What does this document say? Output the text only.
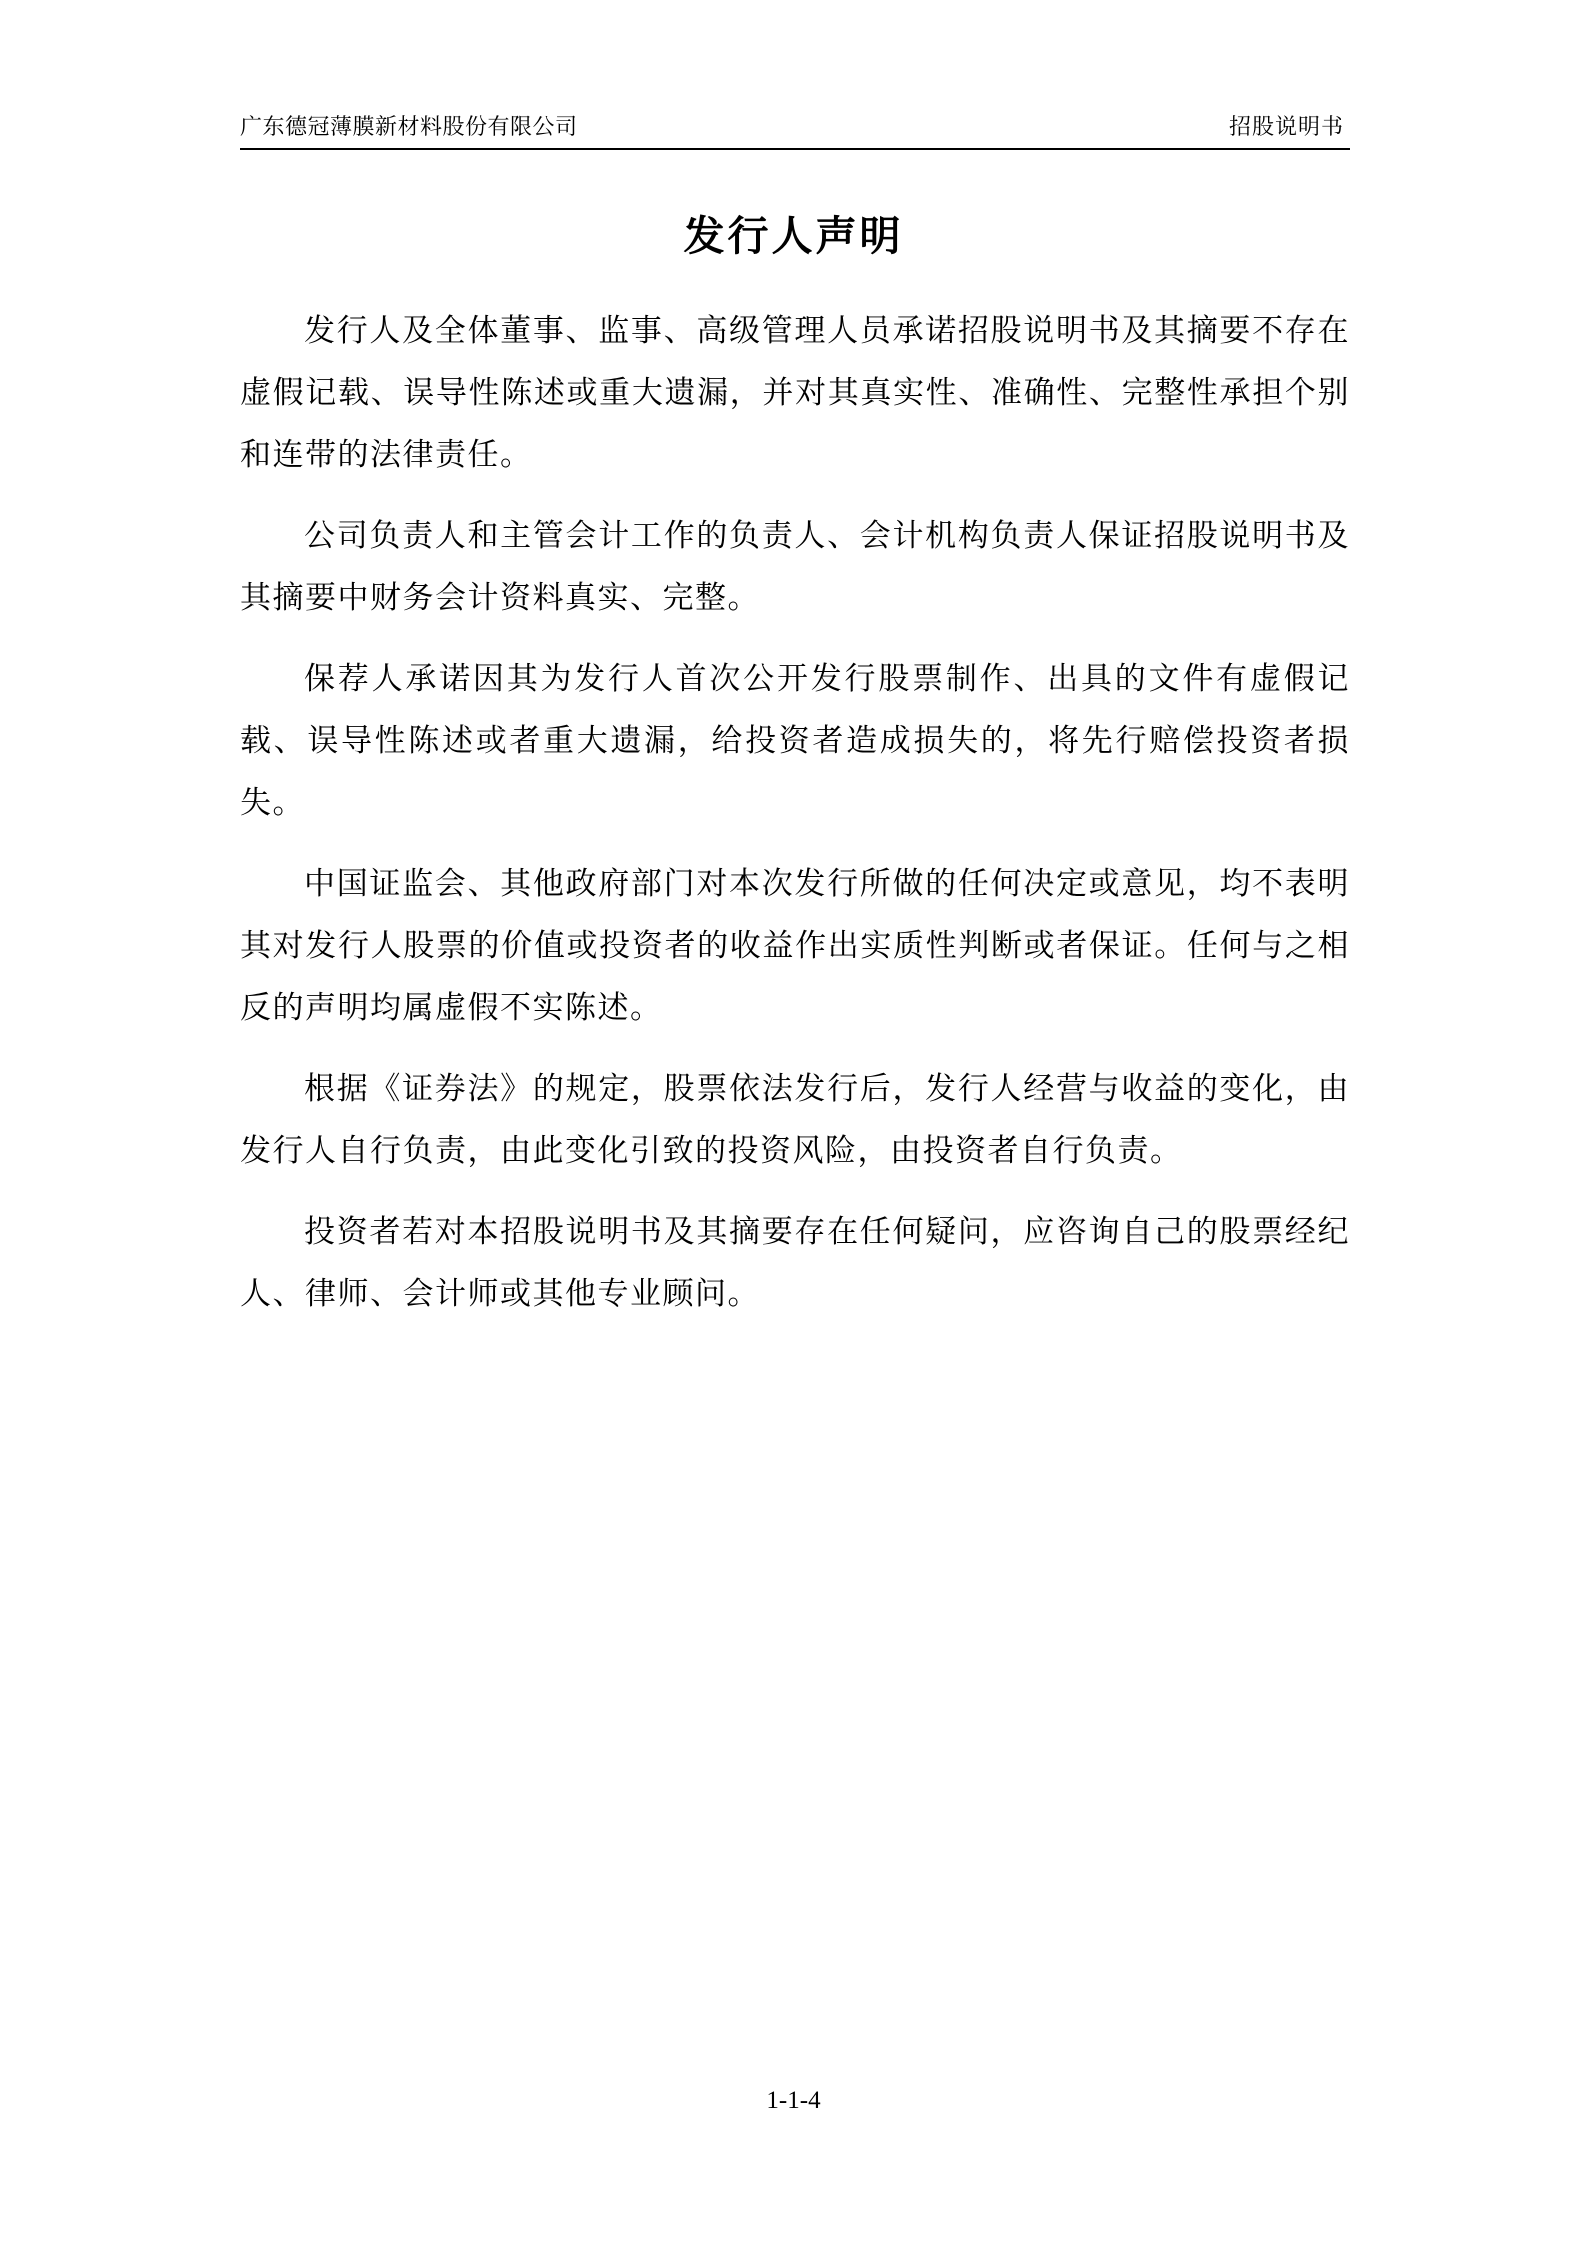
广东德冠薄膜新材料股份有限公司	招股说明书
发行人声明

发行人及全体董事、监事、高级管理人员承诺招股说明书及其摘要不存在虚假记载、误导性陈述或重大遗漏，并对其真实性、准确性、完整性承担个别和连带的法律责任。

公司负责人和主管会计工作的负责人、会计机构负责人保证招股说明书及其摘要中财务会计资料真实、完整。

保荐人承诺因其为发行人首次公开发行股票制作、出具的文件有虚假记载、误导性陈述或者重大遗漏，给投资者造成损失的，将先行赔偿投资者损失。

中国证监会、其他政府部门对本次发行所做的任何决定或意见，均不表明其对发行人股票的价值或投资者的收益作出实质性判断或者保证。任何与之相反的声明均属虚假不实陈述。

根据《证券法》的规定，股票依法发行后，发行人经营与收益的变化，由发行人自行负责，由此变化引致的投资风险，由投资者自行负责。

投资者若对本招股说明书及其摘要存在任何疑问，应咨询自己的股票经纪人、律师、会计师或其他专业顾问。

1-1-4
